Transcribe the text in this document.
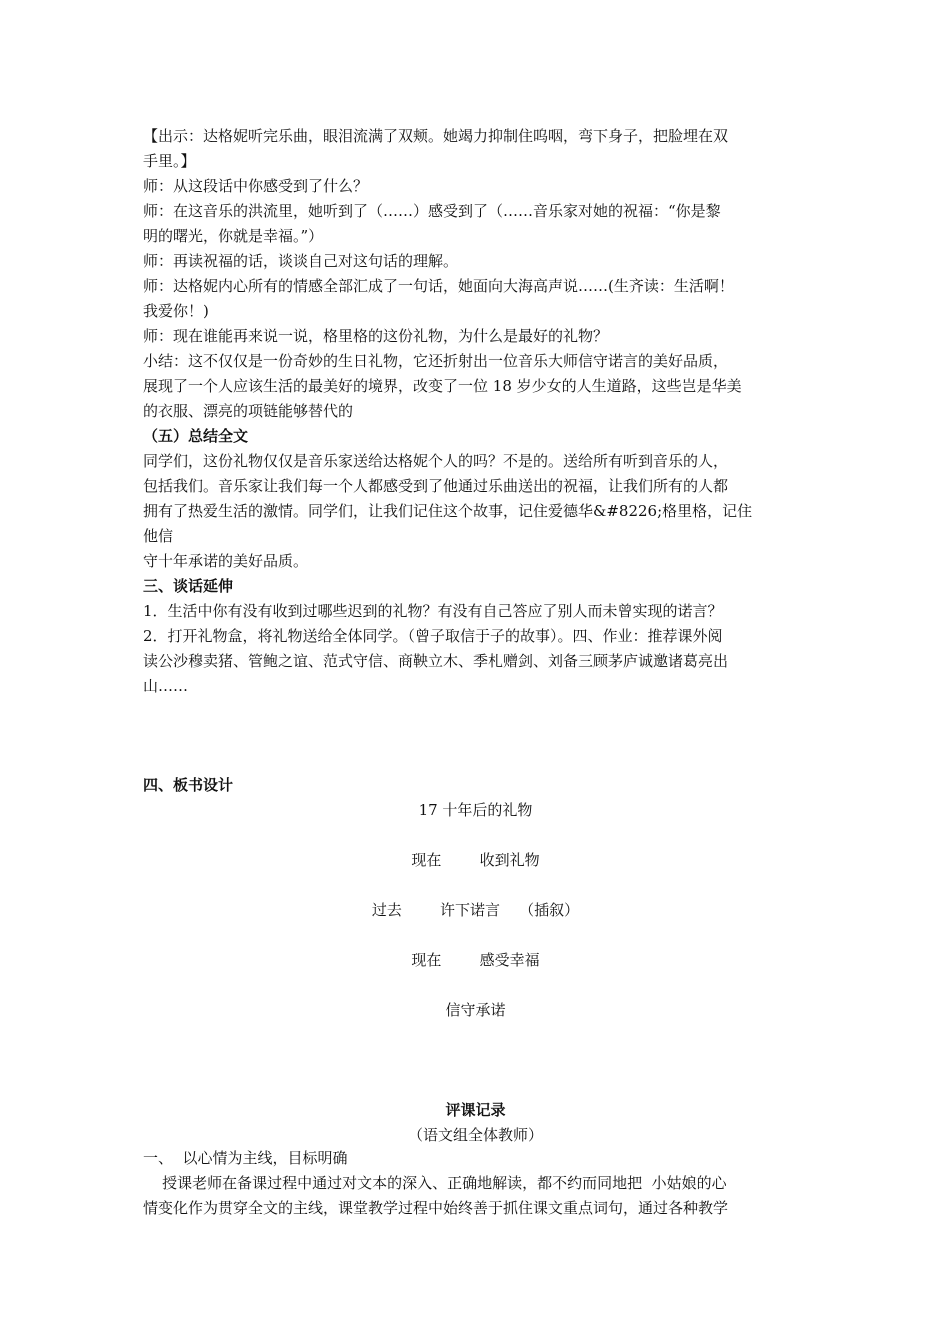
【出示：达格妮听完乐曲，眼泪流满了双颊。她竭力抑制住呜咽，弯下身子，把脸埋在双
手里。】
师：从这段话中你感受到了什么？
师：在这音乐的洪流里，她听到了（……）感受到了（……音乐家对她的祝福：“你是黎
明的曙光，你就是幸福。”）
师：再读祝福的话，谈谈自己对这句话的理解。
师：达格妮内心所有的情感全部汇成了一句话，她面向大海高声说……(生齐读：生活啊！
我爱你！)
师：现在谁能再来说一说，格里格的这份礼物，为什么是最好的礼物？
小结：这不仅仅是一份奇妙的生日礼物，它还折射出一位音乐大师信守诺言的美好品质，
展现了一个人应该生活的最美好的境界，改变了一位 18 岁少女的人生道路，这些岂是华美
的衣服、漂亮的项链能够替代的
（五）总结全文
同学们，这份礼物仅仅是音乐家送给达格妮个人的吗？不是的。送给所有听到音乐的人，
包括我们。音乐家让我们每一个人都感受到了他通过乐曲送出的祝福，让我们所有的人都
拥有了热爱生活的激情。同学们，让我们记住这个故事，记住爱德华&#8226;格里格，记住
他信
守十年承诺的美好品质。
三、谈话延伸
1．生活中你有没有收到过哪些迟到的礼物？有没有自己答应了别人而未曾实现的诺言？
2．打开礼物盒，将礼物送给全体同学。（曾子取信于子的故事）。四、作业：推荐课外阅
读公沙穆卖猪、管鲍之谊、范式守信、商鞅立木、季札赠剑、刘备三顾茅庐诚邀诸葛亮出
山……
四、板书设计
17 十年后的礼物
现在        收到礼物
过去        许下诺言    （插叙）
现在        感受幸福
信守承诺
评课记录
（语文组全体教师）
一、  以心情为主线，目标明确
授课老师在备课过程中通过对文本的深入、正确地解读，都不约而同地把  小姑娘的心
情变化作为贯穿全文的主线，课堂教学过程中始终善于抓住课文重点词句，通过各种教学
